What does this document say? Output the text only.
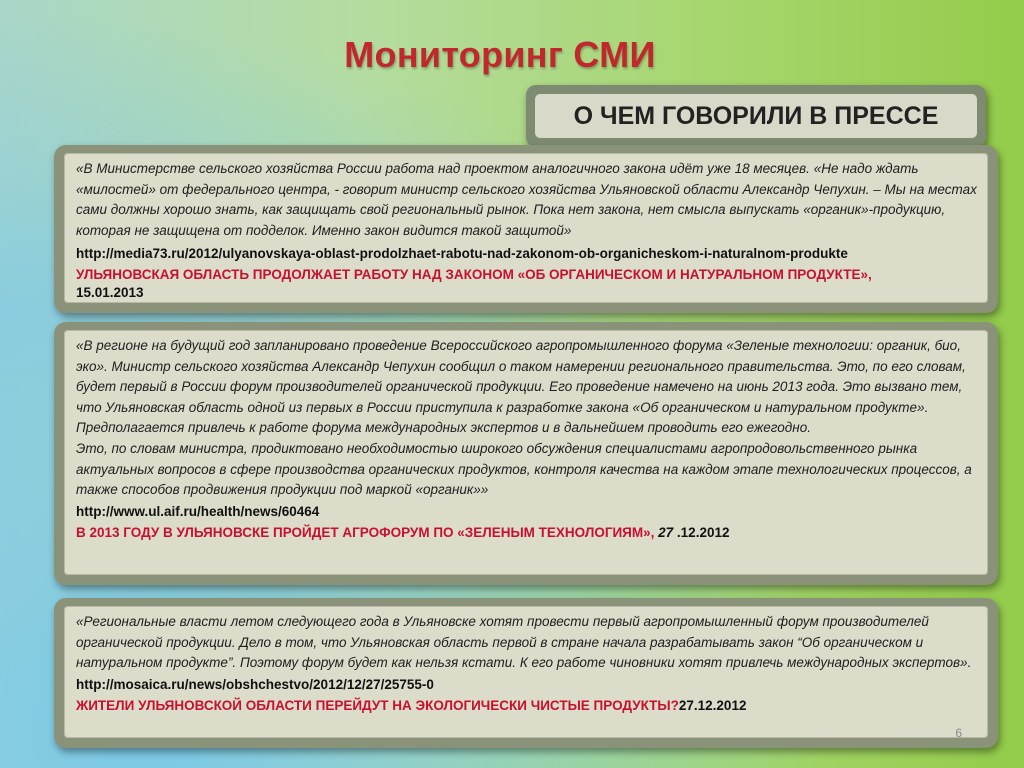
Мониторинг СМИ
О ЧЕМ ГОВОРИЛИ В ПРЕССЕ

«В Министерстве сельского хозяйства России работа над проектом аналогичного закона идёт уже 18 месяцев. «Не надо ждать «милостей» от федерального центра, - говорит министр сельского хозяйства Ульяновской области Александр Чепухин. – Мы на местах сами должны хорошо знать, как защищать свой региональный рынок. Пока нет закона, нет смысла выпускать «органик»-продукцию, которая не защищена от подделок. Именно закон видится такой защитой»

http://media73.ru/2012/ulyanovskaya-oblast-prodolzhaet-rabotu-nad-zakonom-ob-organicheskom-i-naturalnom-produkte
УЛЬЯНОВСКАЯ ОБЛАСТЬ ПРОДОЛЖАЕТ РАБОТУ НАД ЗАКОНОМ «ОБ ОРГАНИЧЕСКОМ И НАТУРАЛЬНОМ ПРОДУКТЕ»,
15.01.2013

«В регионе на будущий год запланировано проведение Всероссийского агропромышленного форума «Зеленые технологии: органик, био, эко». Министр сельского хозяйства Александр Чепухин сообщил о таком намерении регионального правительства. Это, по его словам, будет первый в России форум производителей органической продукции. Его проведение намечено на июнь 2013 года. Это вызвано тем, что Ульяновская область одной из первых в России приступила к разработке закона «Об органическом и натуральном продукте».

Предполагается привлечь к работе форума международных экспертов и в дальнейшем проводить его ежегодно.

Это, по словам министра, продиктовано необходимостью широкого обсуждения специалистами агропродовольственного рынка актуальных вопросов в сфере производства органических продуктов, контроля качества на каждом этапе технологических процессов, а также способов продвижения продукции под маркой «органик»»

http://www.ul.aif.ru/health/news/60464
В 2013 ГОДУ В УЛЬЯНОВСКЕ ПРОЙДЕТ АГРОФОРУМ ПО «ЗЕЛЕНЫМ ТЕХНОЛОГИЯМ», 27 .12.2012

«Региональные власти летом следующего года в Ульяновске хотят провести первый агропромышленный форум производителей органической продукции. Дело в том, что Ульяновская область первой в стране начала разрабатывать закон “Об органическом и натуральном продукте”. Поэтому форум будет как нельзя кстати. К его работе чиновники хотят привлечь международных экспертов».

http://mosaica.ru/news/obshchestvo/2012/12/27/25755-0
ЖИТЕЛИ УЛЬЯНОВСКОЙ ОБЛАСТИ ПЕРЕЙДУТ НА ЭКОЛОГИЧЕСКИ ЧИСТЫЕ ПРОДУКТЫ?27.12.2012
6
